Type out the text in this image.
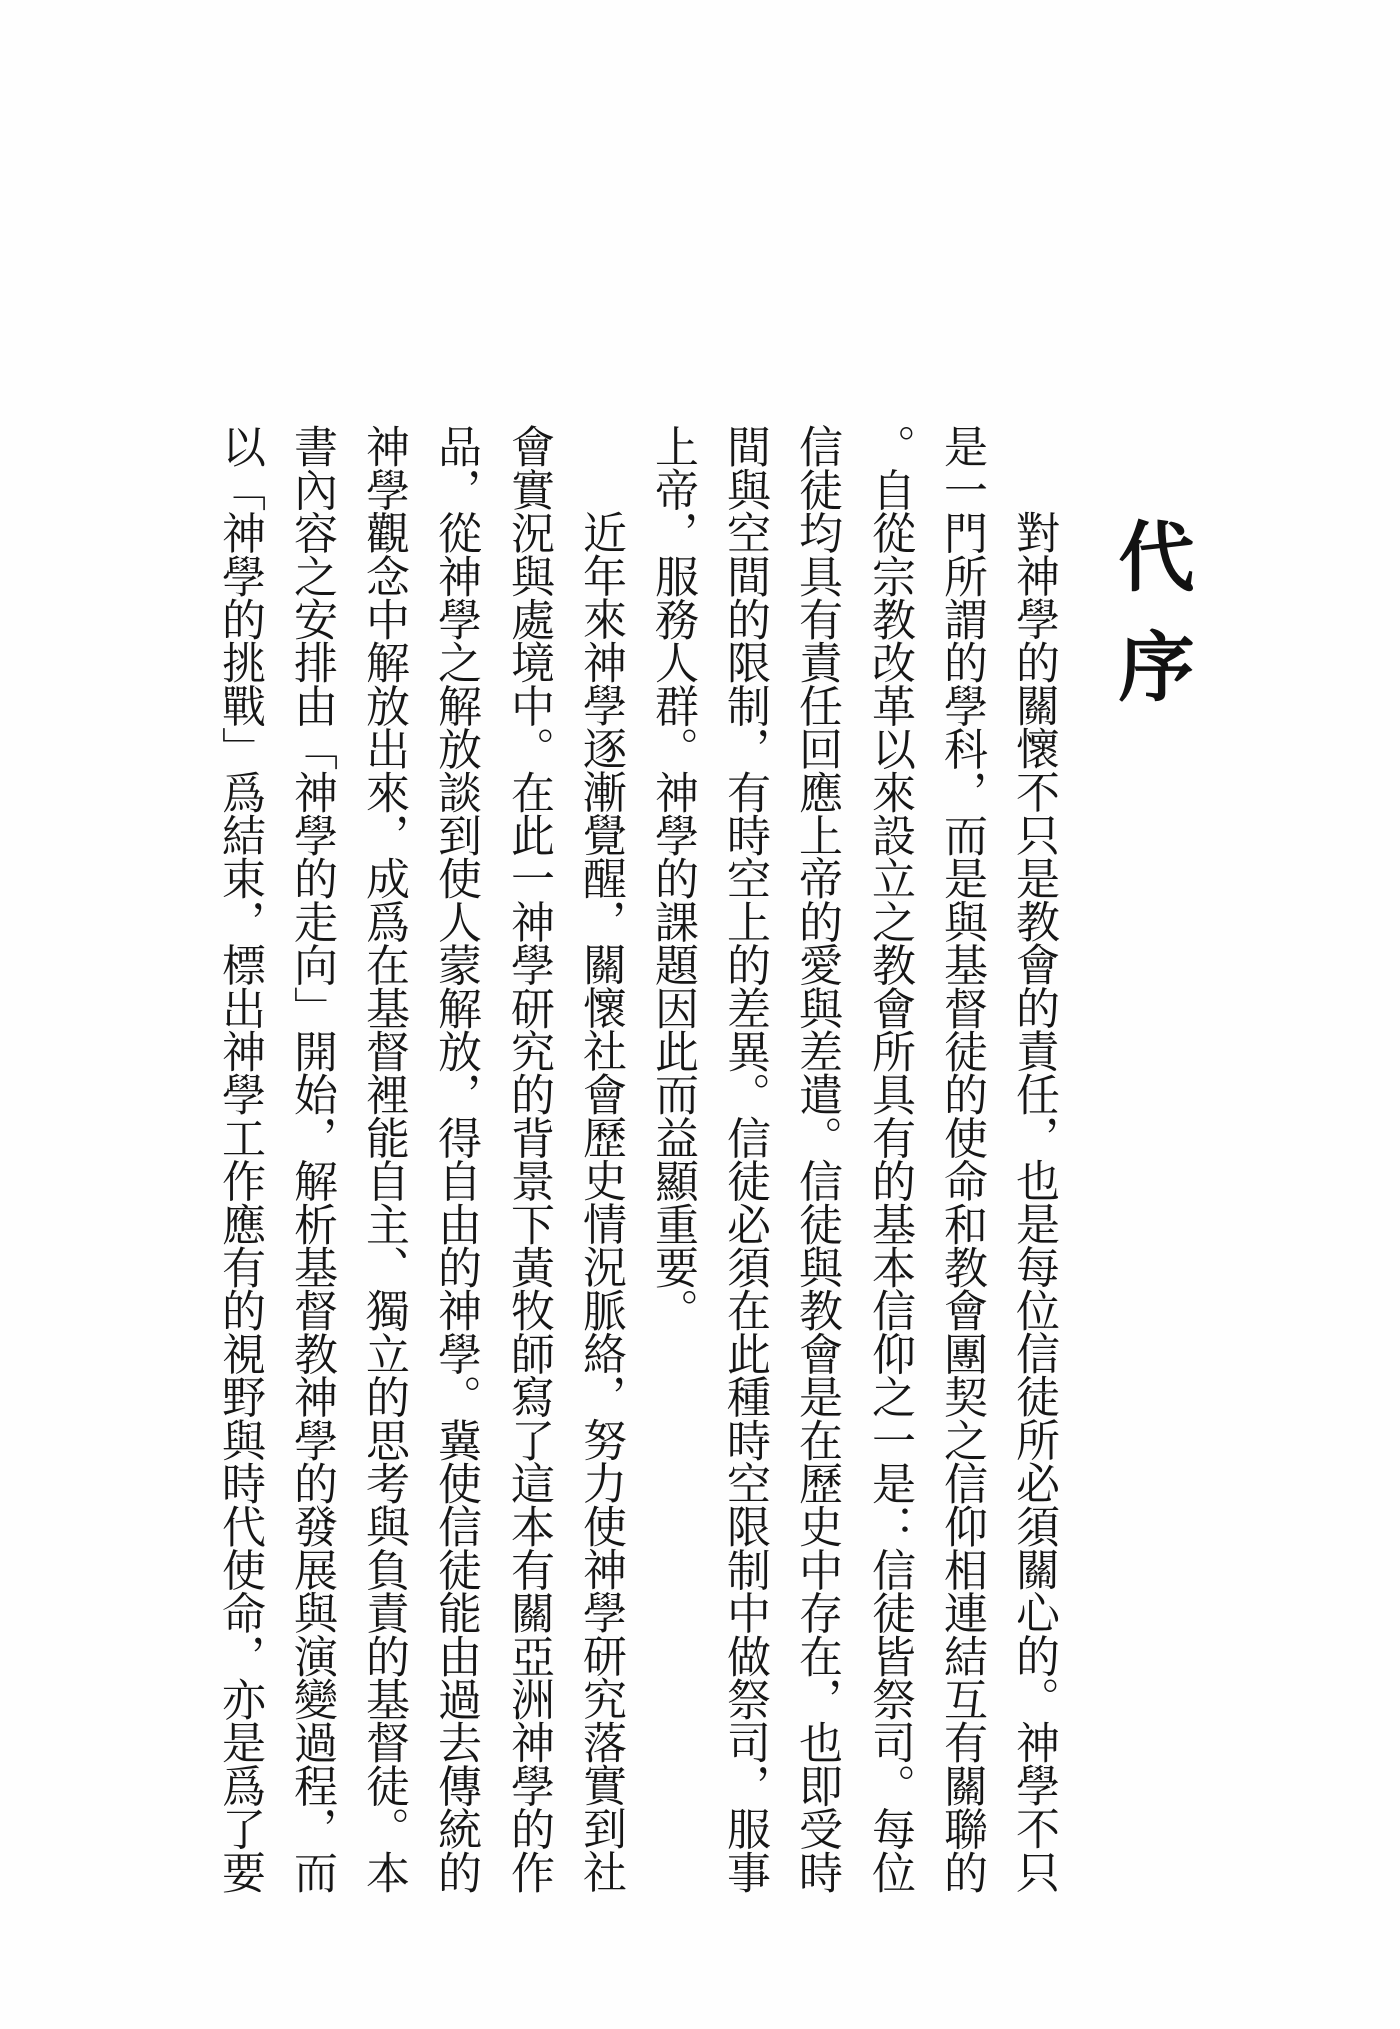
代序
對神學的關懷不只是教會的責任，也是每位信徒所必須關心的。神學不只
是一門所謂的學科，而是與基督徒的使命和教會團契之信仰相連結互有關聯的
。自從宗教改革以來設立之教會所具有的基本信仰之一是：信徒皆祭司。每位
信徒均具有責任回應上帝的愛與差遣。信徒與教會是在歷史中存在，也即受時
間與空間的限制，有時空上的差異。信徒必須在此種時空限制中做祭司，服事
上帝，服務人群。神學的課題因此而益顯重要。
近年來神學逐漸覺醒，關懷社會歷史情況脈絡，努力使神學研究落實到社
會實況與處境中。在此一神學研究的背景下黃牧師寫了這本有關亞洲神學的作
品，從神學之解放談到使人蒙解放，得自由的神學。冀使信徒能由過去傳統的
神學觀念中解放出來，成爲在基督裡能自主、獨立的思考與負責的基督徒。本
書內容之安排由「神學的走向」開始，解析基督教神學的發展與演變過程，而
以「神學的挑戰」爲結束，標出神學工作應有的視野與時代使命，亦是爲了要
